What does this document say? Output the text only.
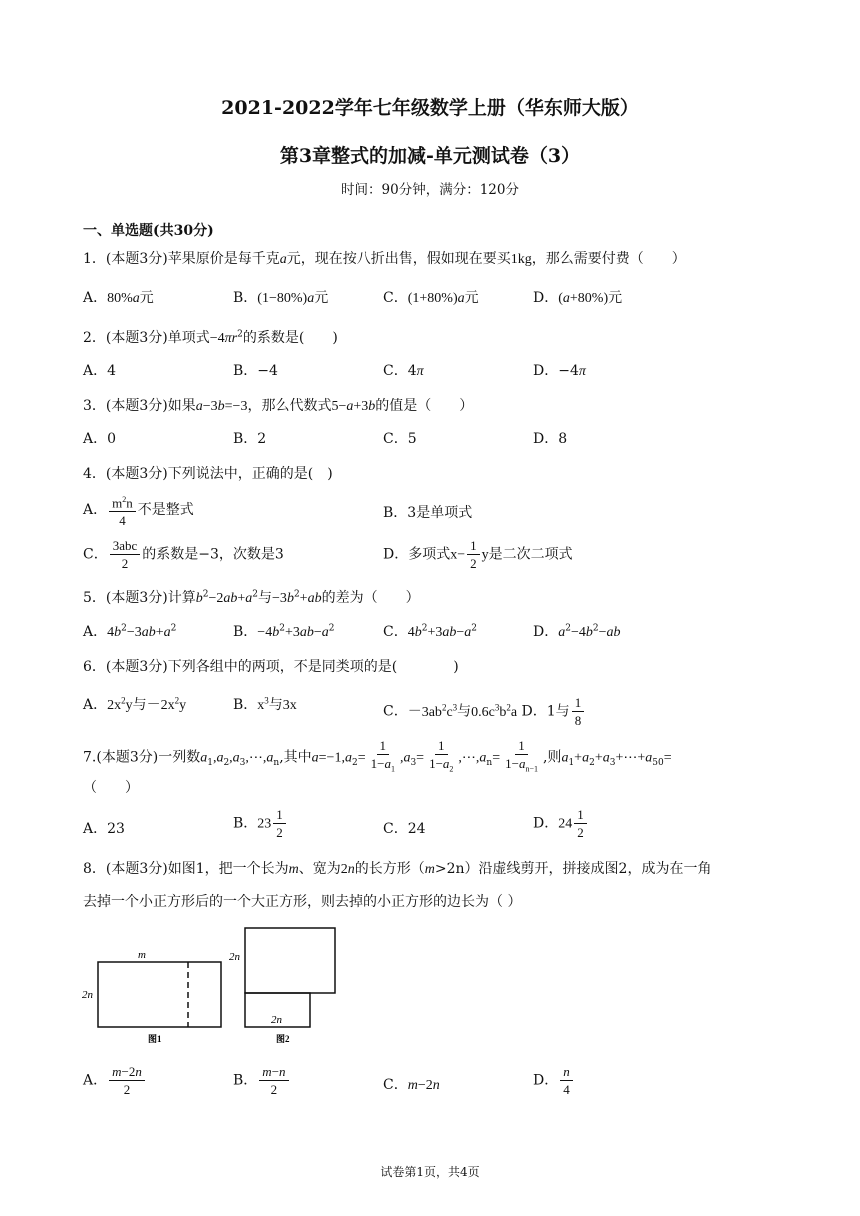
2021-2022学年七年级数学上册（华东师大版）
第3章整式的加减-单元测试卷（3）
时间：90分钟，满分：120分
一、单选题(共30分)
1．(本题3分)苹果原价是每千克a元，现在按八折出售，假如现在要买1kg，那么需要付费（　　）
A．80%a元	B．(1−80%)a元	C．(1+80%)a元	D．(a+80%)元
2．(本题3分)单项式$-4\pi r^2$的系数是(　　)
A．4	B．−4	C．4π	D．−4π
3．(本题3分)如果a−3b=−3，那么代数式5−a+3b的值是（　　）
A．0	B．2	C．5	D．8
4．(本题3分)下列说法中，正确的是(　)
A． $\frac{m^2n}{4}$ 不是整式	B．3是单项式
C． $\frac{\text{3abc}}{2}$ 的系数是−3，次数是3	D．多项式$x- \frac{1}{2}$ y是二次二项式
5．(本题3分)计算$b^2-2ab+a^2$与$-3b^2+ab$的差为（　　）
A．$4b^2-3ab+a^2$	B．$-4b^2+3ab-a^2$	C．$4b^2+3ab-a^2$	D．$a^2-4b^2-ab$
6．(本题3分)下列各组中的两项，不是同类项的是(　　　　)
A．$2x^2y$与$-2x^2y$	B．$x^3$与3x	C．$-3ab^2c^3$与$0.6c^3b^2a$ D．1与 $\frac{1}{8}$
7.(本题3分)一列数$a_1,a_2,a_3,\cdots,a_n$,其中$a=-1,a_2= \frac{1}{1-a_1} ,a_3= \frac{1}{1-a_2}$ $,\cdots,a_n= \frac{1}{1-a_{n-1}}$ ,则$a_1+a_2+a_3+\cdots+a_{50}=$
（　　）
A．23	B．$23 \frac{1}{2}$	C．24	D．$24 \frac{1}{2}$
8．(本题3分)如图1，把一个长为m、宽为2n的长方形（m>2n）沿虚线剪开，拼接成图2，成为在一角
去掉一个小正方形后的一个大正方形，则去掉的小正方形的边长为（ ）
m
2n
图1
2n
2n
图2
A． $\frac{m-2n}{2}$	B． $\frac{m-n}{2}$	C．m−2n	D． $\frac{n}{4}$
试卷第1页，共4页
